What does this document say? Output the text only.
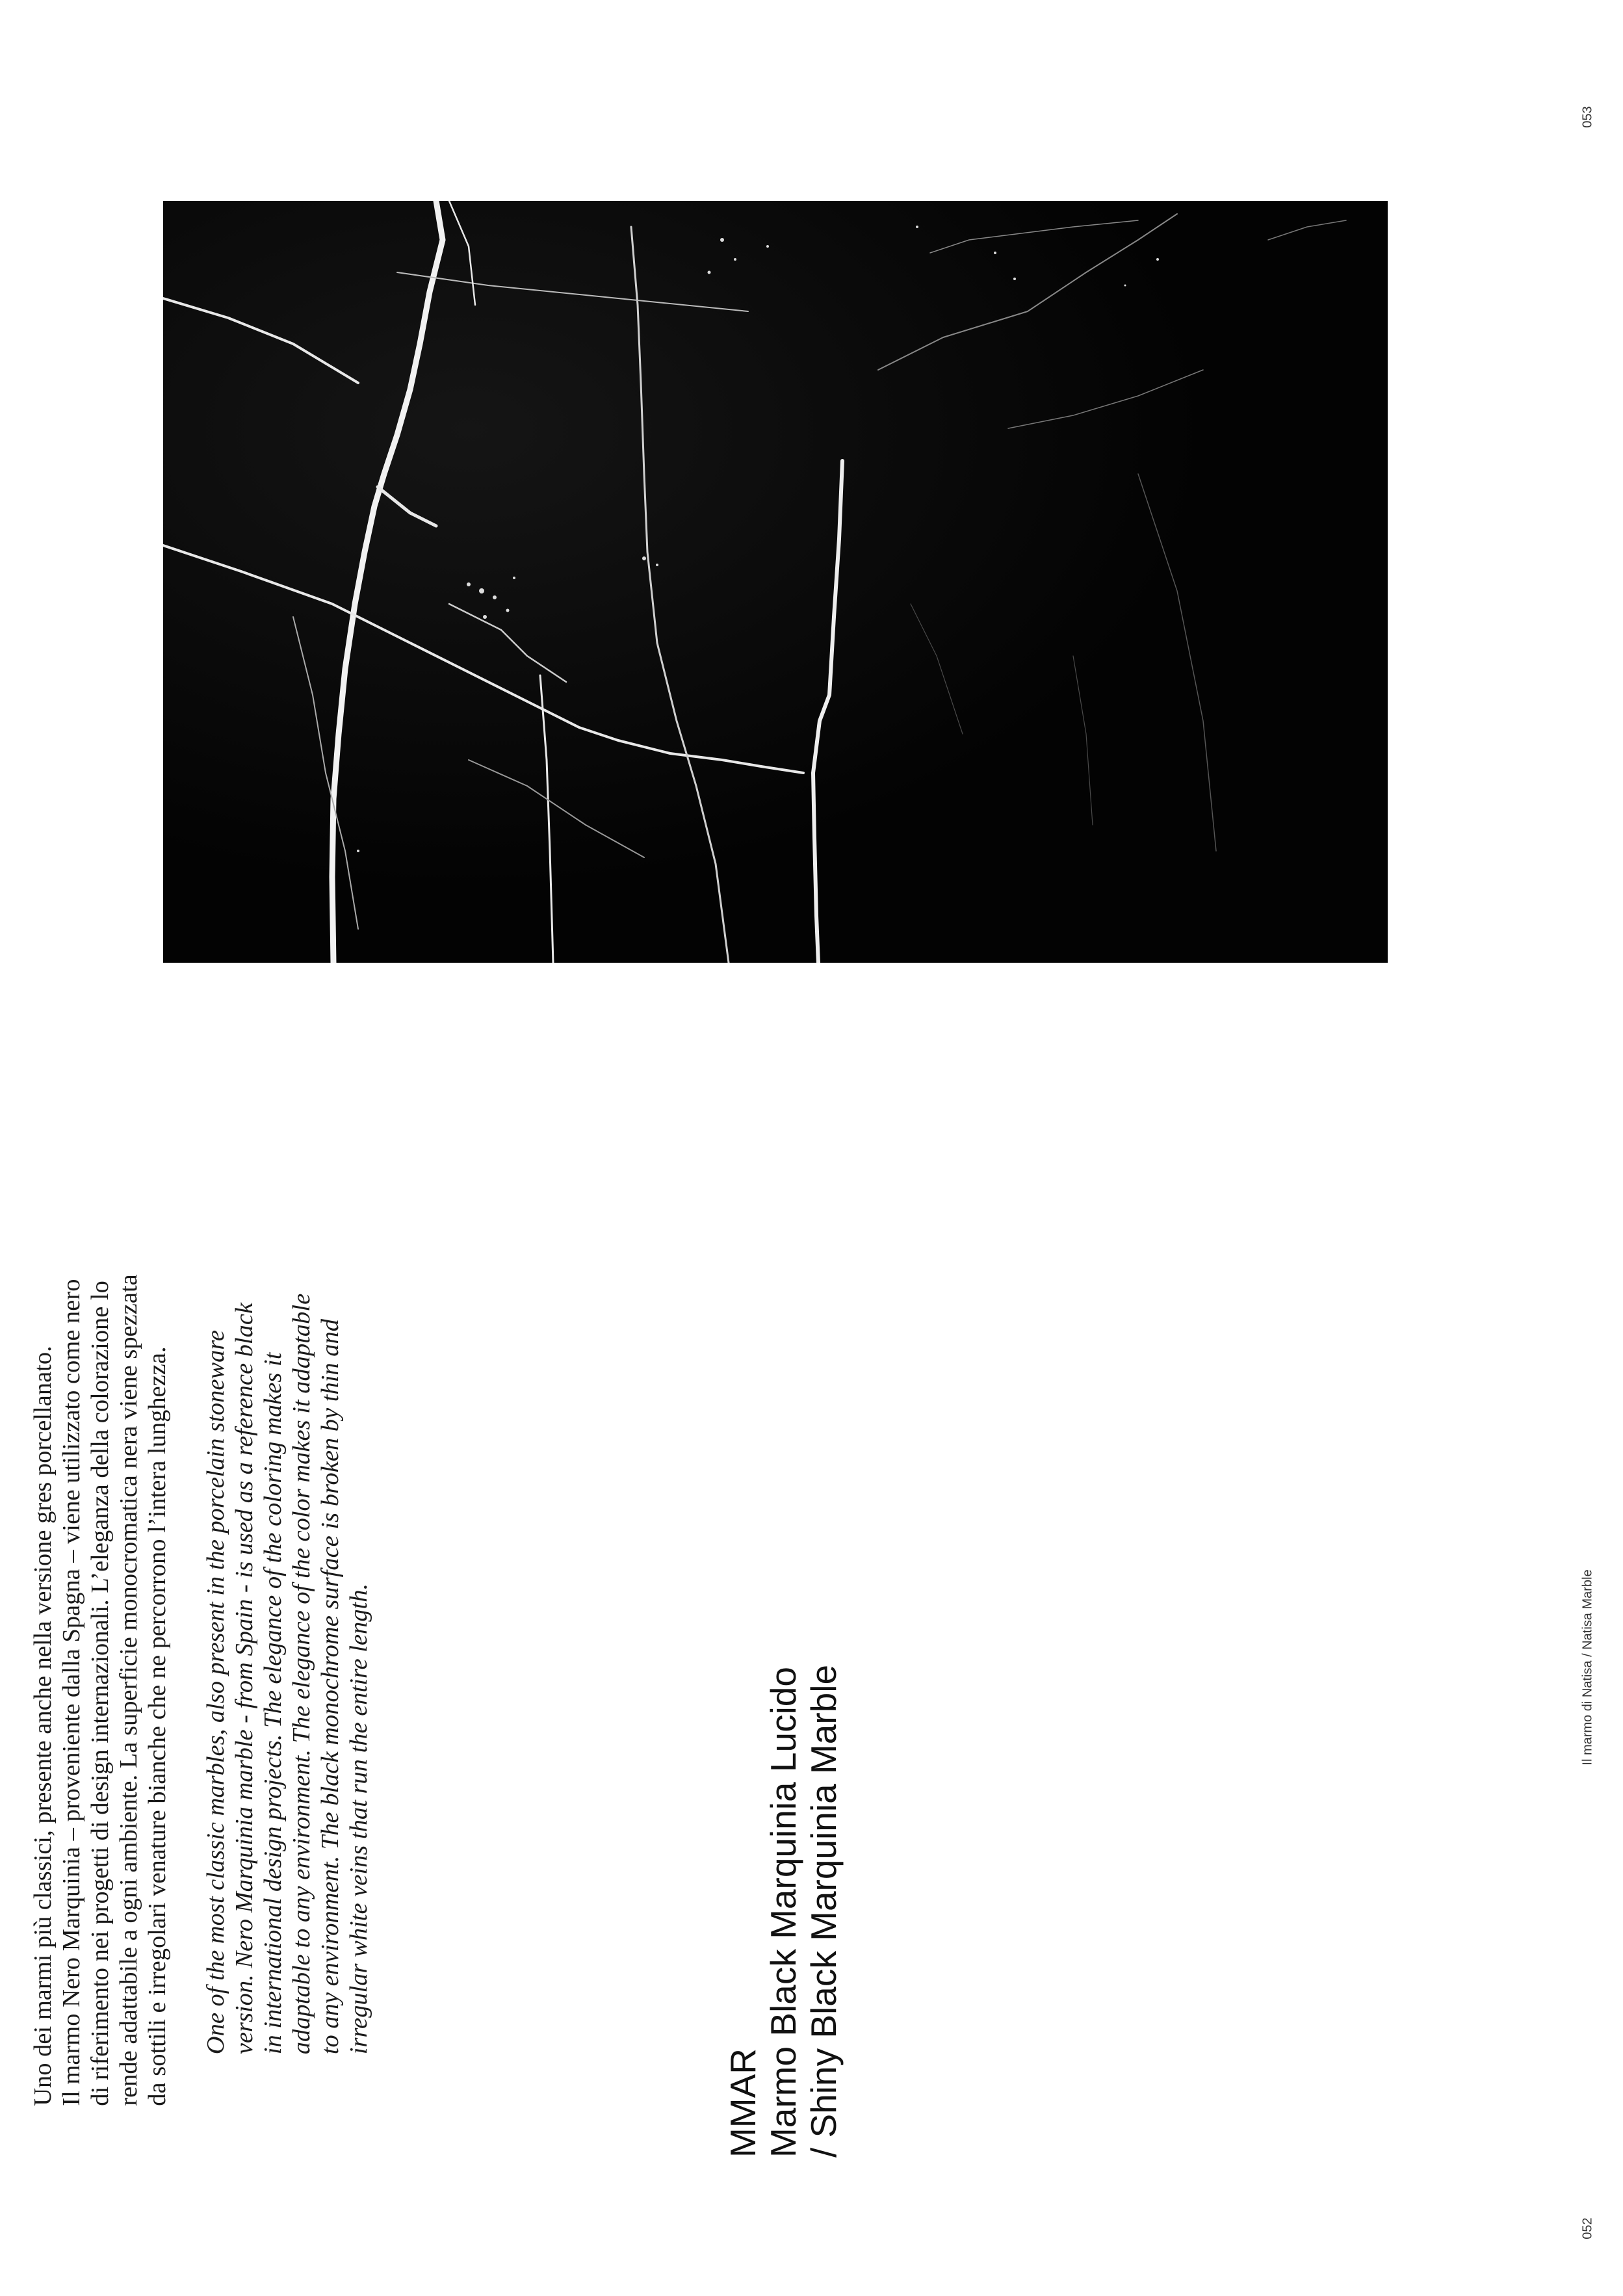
Il marmo di Natisa / Natisa Marble
053
052
Uno dei marmi più classici, presente anche nella versione gres porcellanato. Il marmo Nero Marquinia – proveniente dalla Spagna – viene utilizzato come nero di riferimento nei progetti di design internazionali. L’eleganza della colorazione lo rende adattabile a ogni ambiente. La superficie monocromatica nera viene spezzata da sottili e irregolari venature bianche che ne percorrono l’intera lunghezza. One of the most classic marbles, also present in the porcelain stoneware version. Nero Marquinia marble - from Spain - is used as a reference black in international design projects. The elegance of the coloring makes it adaptable to any environment. The elegance of the color makes it adaptable to any environment. The black monochrome surface is broken by thin and irregular white veins that run the entire length.
MMAR Marmo Black Marquinia Lucido / Shiny Black Marquinia Marble
